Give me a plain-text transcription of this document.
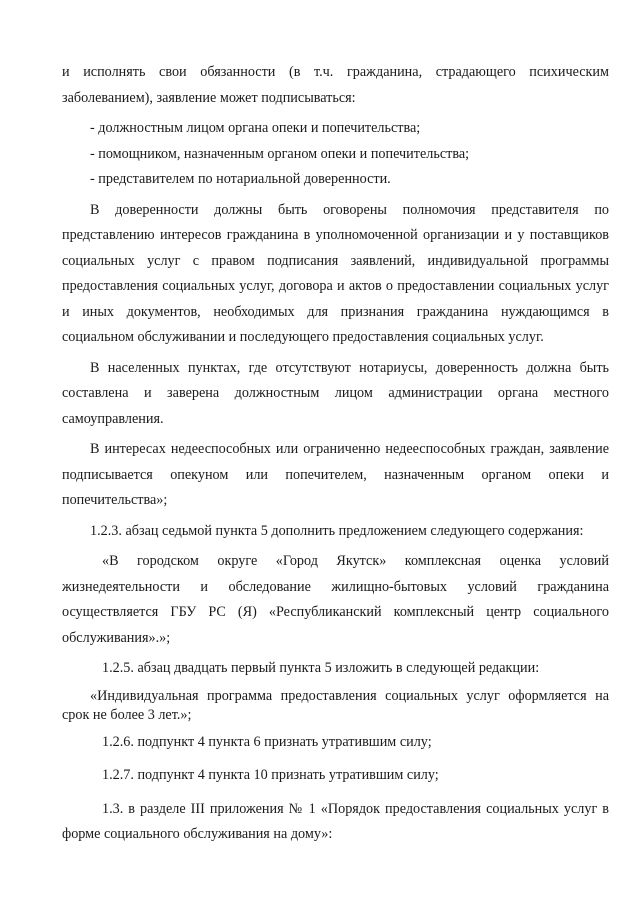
и исполнять свои обязанности (в т.ч. гражданина, страдающего психическим заболеванием), заявление может подписываться:

- должностным лицом органа опеки и попечительства;

- помощником, назначенным органом опеки и попечительства;

- представителем по нотариальной доверенности.

В доверенности должны быть оговорены полномочия представителя по представлению интересов гражданина в уполномоченной организации и у поставщиков социальных услуг с правом подписания заявлений, индивидуальной программы предоставления социальных услуг, договора и актов о предоставлении социальных услуг и иных документов, необходимых для признания гражданина нуждающимся в социальном обслуживании и последующего предоставления социальных услуг.

В населенных пунктах, где отсутствуют нотариусы, доверенность должна быть составлена и заверена должностным лицом администрации органа местного самоуправления.

В интересах недееспособных или ограниченно недееспособных граждан, заявление подписывается опекуном или попечителем, назначенным органом опеки и попечительства»;

1.2.3. абзац седьмой пункта 5 дополнить предложением следующего содержания:

«В городском округе «Город Якутск» комплексная оценка условий жизнедеятельности и обследование жилищно-бытовых условий гражданина осуществляется ГБУ РС (Я) «Республиканский комплексный центр социального обслуживания».»;

1.2.5. абзац двадцать первый пункта 5 изложить в следующей редакции:

«Индивидуальная программа предоставления социальных услуг оформляется на срок не более 3 лет.»;

1.2.6. подпункт 4 пункта 6 признать утратившим силу;

1.2.7. подпункт 4 пункта 10 признать утратившим силу;

1.3. в разделе III приложения № 1 «Порядок предоставления социальных услуг в форме социального обслуживания на дому»:
